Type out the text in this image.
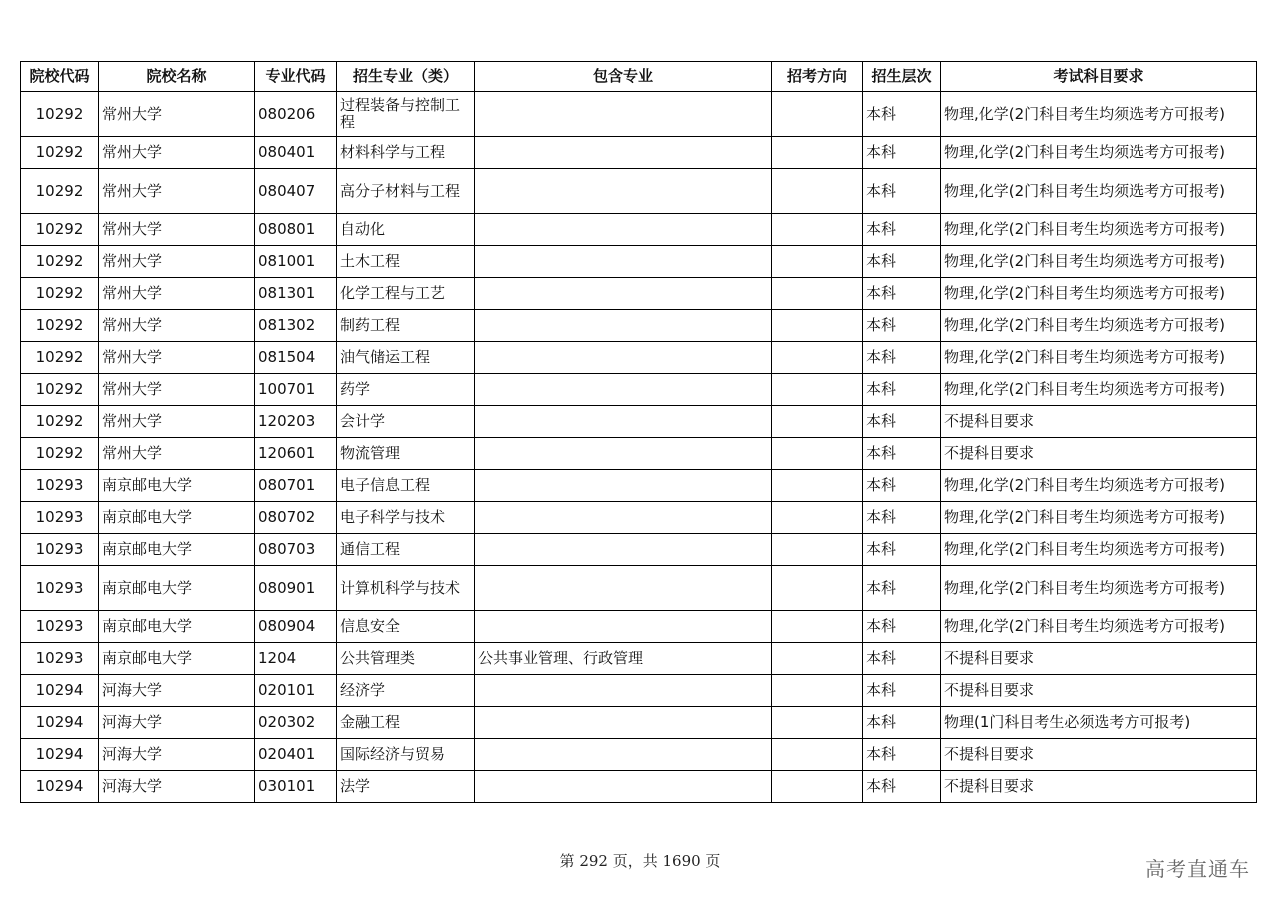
院校代码	院校名称	专业代码	招生专业（类）	包含专业	招考方向	招生层次	考试科目要求
10292	常州大学	080206	过程装备与控制工程			本科	物理,化学(2门科目考生均须选考方可报考)
10292	常州大学	080401	材料科学与工程			本科	物理,化学(2门科目考生均须选考方可报考)
10292	常州大学	080407	高分子材料与工程			本科	物理,化学(2门科目考生均须选考方可报考)
10292	常州大学	080801	自动化			本科	物理,化学(2门科目考生均须选考方可报考)
10292	常州大学	081001	土木工程			本科	物理,化学(2门科目考生均须选考方可报考)
10292	常州大学	081301	化学工程与工艺			本科	物理,化学(2门科目考生均须选考方可报考)
10292	常州大学	081302	制药工程			本科	物理,化学(2门科目考生均须选考方可报考)
10292	常州大学	081504	油气储运工程			本科	物理,化学(2门科目考生均须选考方可报考)
10292	常州大学	100701	药学			本科	物理,化学(2门科目考生均须选考方可报考)
10292	常州大学	120203	会计学			本科	不提科目要求
10292	常州大学	120601	物流管理			本科	不提科目要求
10293	南京邮电大学	080701	电子信息工程			本科	物理,化学(2门科目考生均须选考方可报考)
10293	南京邮电大学	080702	电子科学与技术			本科	物理,化学(2门科目考生均须选考方可报考)
10293	南京邮电大学	080703	通信工程			本科	物理,化学(2门科目考生均须选考方可报考)
10293	南京邮电大学	080901	计算机科学与技术			本科	物理,化学(2门科目考生均须选考方可报考)
10293	南京邮电大学	080904	信息安全			本科	物理,化学(2门科目考生均须选考方可报考)
10293	南京邮电大学	1204	公共管理类	公共事业管理、行政管理		本科	不提科目要求
10294	河海大学	020101	经济学			本科	不提科目要求
10294	河海大学	020302	金融工程			本科	物理(1门科目考生必须选考方可报考)
10294	河海大学	020401	国际经济与贸易			本科	不提科目要求
10294	河海大学	030101	法学			本科	不提科目要求
第 292 页，共 1690 页	高考直通车
